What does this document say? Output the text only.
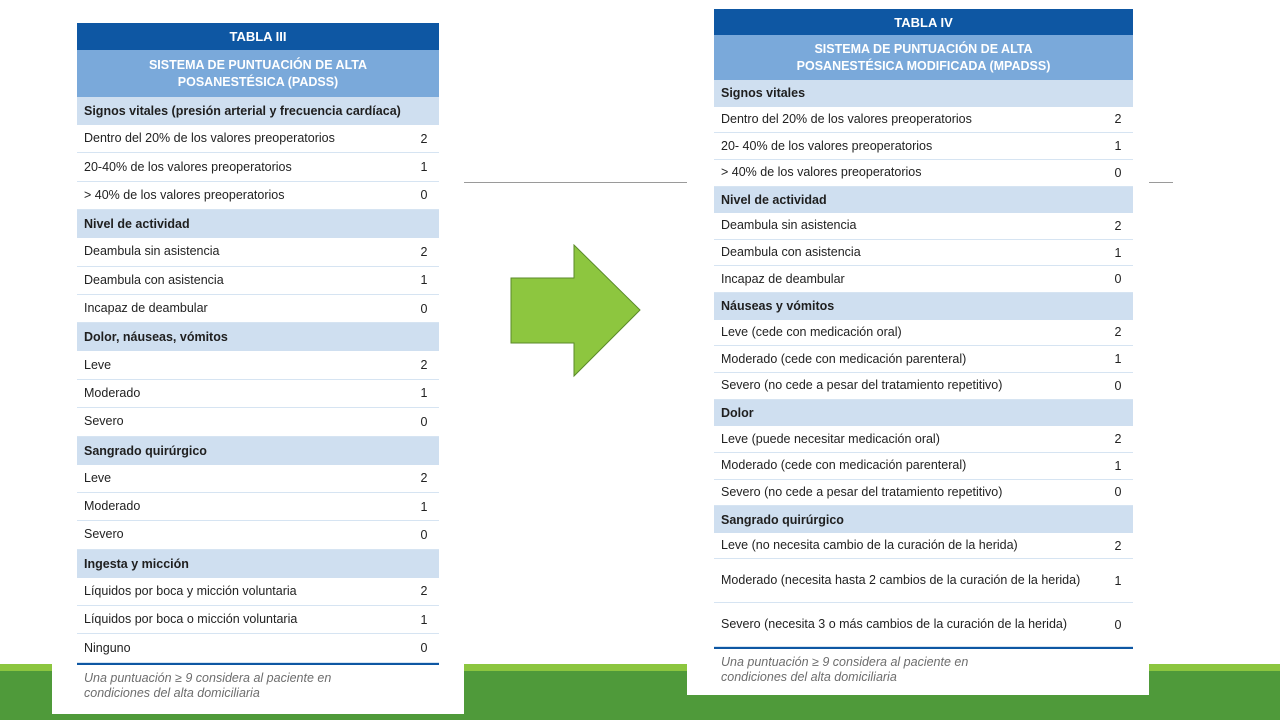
TABLA III
SISTEMA DE PUNTUACIÓN DE ALTA
POSANESTÉSICA (PADSS)
Signos vitales (presión arterial y frecuencia cardíaca)
Dentro del 20% de los valores preoperatorios	2
20-40% de los valores preoperatorios	1
> 40% de los valores preoperatorios	0
Nivel de actividad
Deambula sin asistencia	2
Deambula con asistencia	1
Incapaz de deambular	0
Dolor, náuseas, vómitos
Leve	2
Moderado	1
Severo	0
Sangrado quirúrgico
Leve	2
Moderado	1
Severo	0
Ingesta y micción
Líquidos por boca y micción voluntaria	2
Líquidos por boca o micción voluntaria	1
Ninguno	0
Una puntuación ≥ 9 considera al paciente en
condiciones del alta domiciliaria
TABLA IV
SISTEMA DE PUNTUACIÓN DE ALTA
POSANESTÉSICA MODIFICADA (MPADSS)
Signos vitales
Dentro del 20% de los valores preoperatorios	2
20- 40% de los valores preoperatorios	1
> 40% de los valores preoperatorios	0
Nivel de actividad
Deambula sin asistencia	2
Deambula con asistencia	1
Incapaz de deambular	0
Náuseas y vómitos
Leve (cede con medicación oral)	2
Moderado (cede con medicación parenteral)	1
Severo (no cede a pesar del tratamiento repetitivo)	0
Dolor
Leve (puede necesitar medicación oral)	2
Moderado (cede con medicación parenteral)	1
Severo (no cede a pesar del tratamiento repetitivo)	0
Sangrado quirúrgico
Leve (no necesita cambio de la curación de la herida)	2
Moderado (necesita hasta 2 cambios de la curación de la herida)	1
Severo (necesita 3 o más cambios de la curación de la herida)	0
Una puntuación ≥ 9 considera al paciente en
condiciones del alta domiciliaria
